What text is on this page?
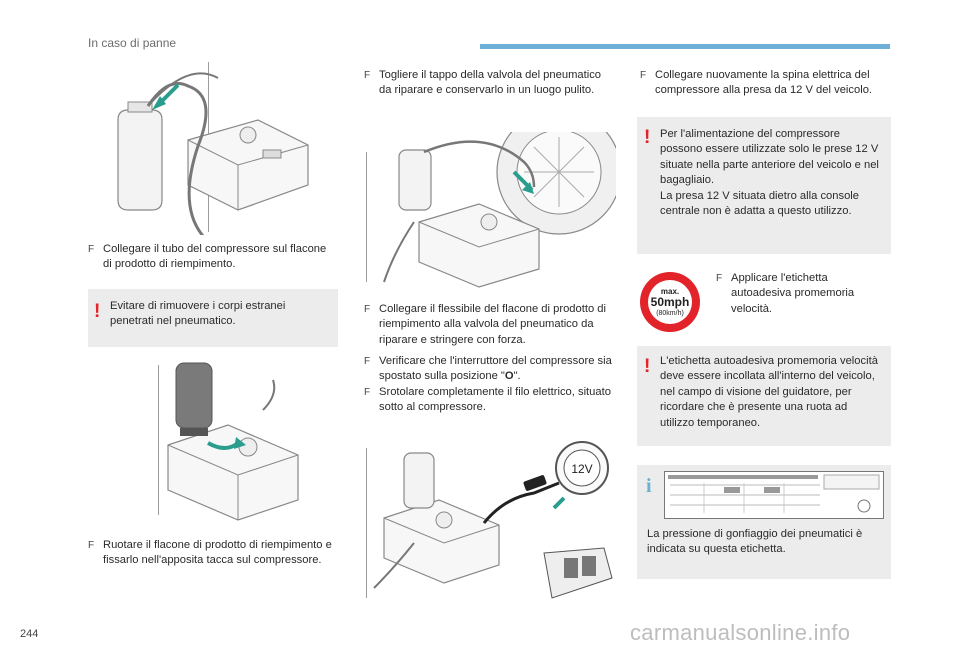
In caso di panne
F Collegare il tubo del compressore sul flacone di prodotto di riempimento.
! Evitare di rimuovere i corpi estranei penetrati nel pneumatico.
F Ruotare il flacone di prodotto di riempimento e fissarlo nell'apposita tacca sul compressore.
F Togliere il tappo della valvola del pneumatico da riparare e conservarlo in un luogo pulito.
F Collegare il flessibile del flacone di prodotto di riempimento alla valvola del pneumatico da riparare e stringere con forza.
F Verificare che l'interruttore del compressore sia spostato sulla posizione "O".
F Srotolare completamente il filo elettrico, situato sotto al compressore.
12V
F Collegare nuovamente la spina elettrica del compressore alla presa da 12 V del veicolo.
! Per l'alimentazione del compressore possono essere utilizzate solo le prese 12 V situate nella parte anteriore del veicolo e nel bagagliaio.
La presa 12 V situata dietro alla console centrale non è adatta a questo utilizzo.
max.
50mph
(80km/h)
F Applicare l'etichetta autoadesiva promemoria velocità.
! L'etichetta autoadesiva promemoria velocità deve essere incollata all'interno del veicolo, nel campo di visione del guidatore, per ricordare che è presente una ruota ad utilizzo temporaneo.
i
La pressione di gonfiaggio dei pneumatici è indicata su questa etichetta.
244	carmanualsonline.info
